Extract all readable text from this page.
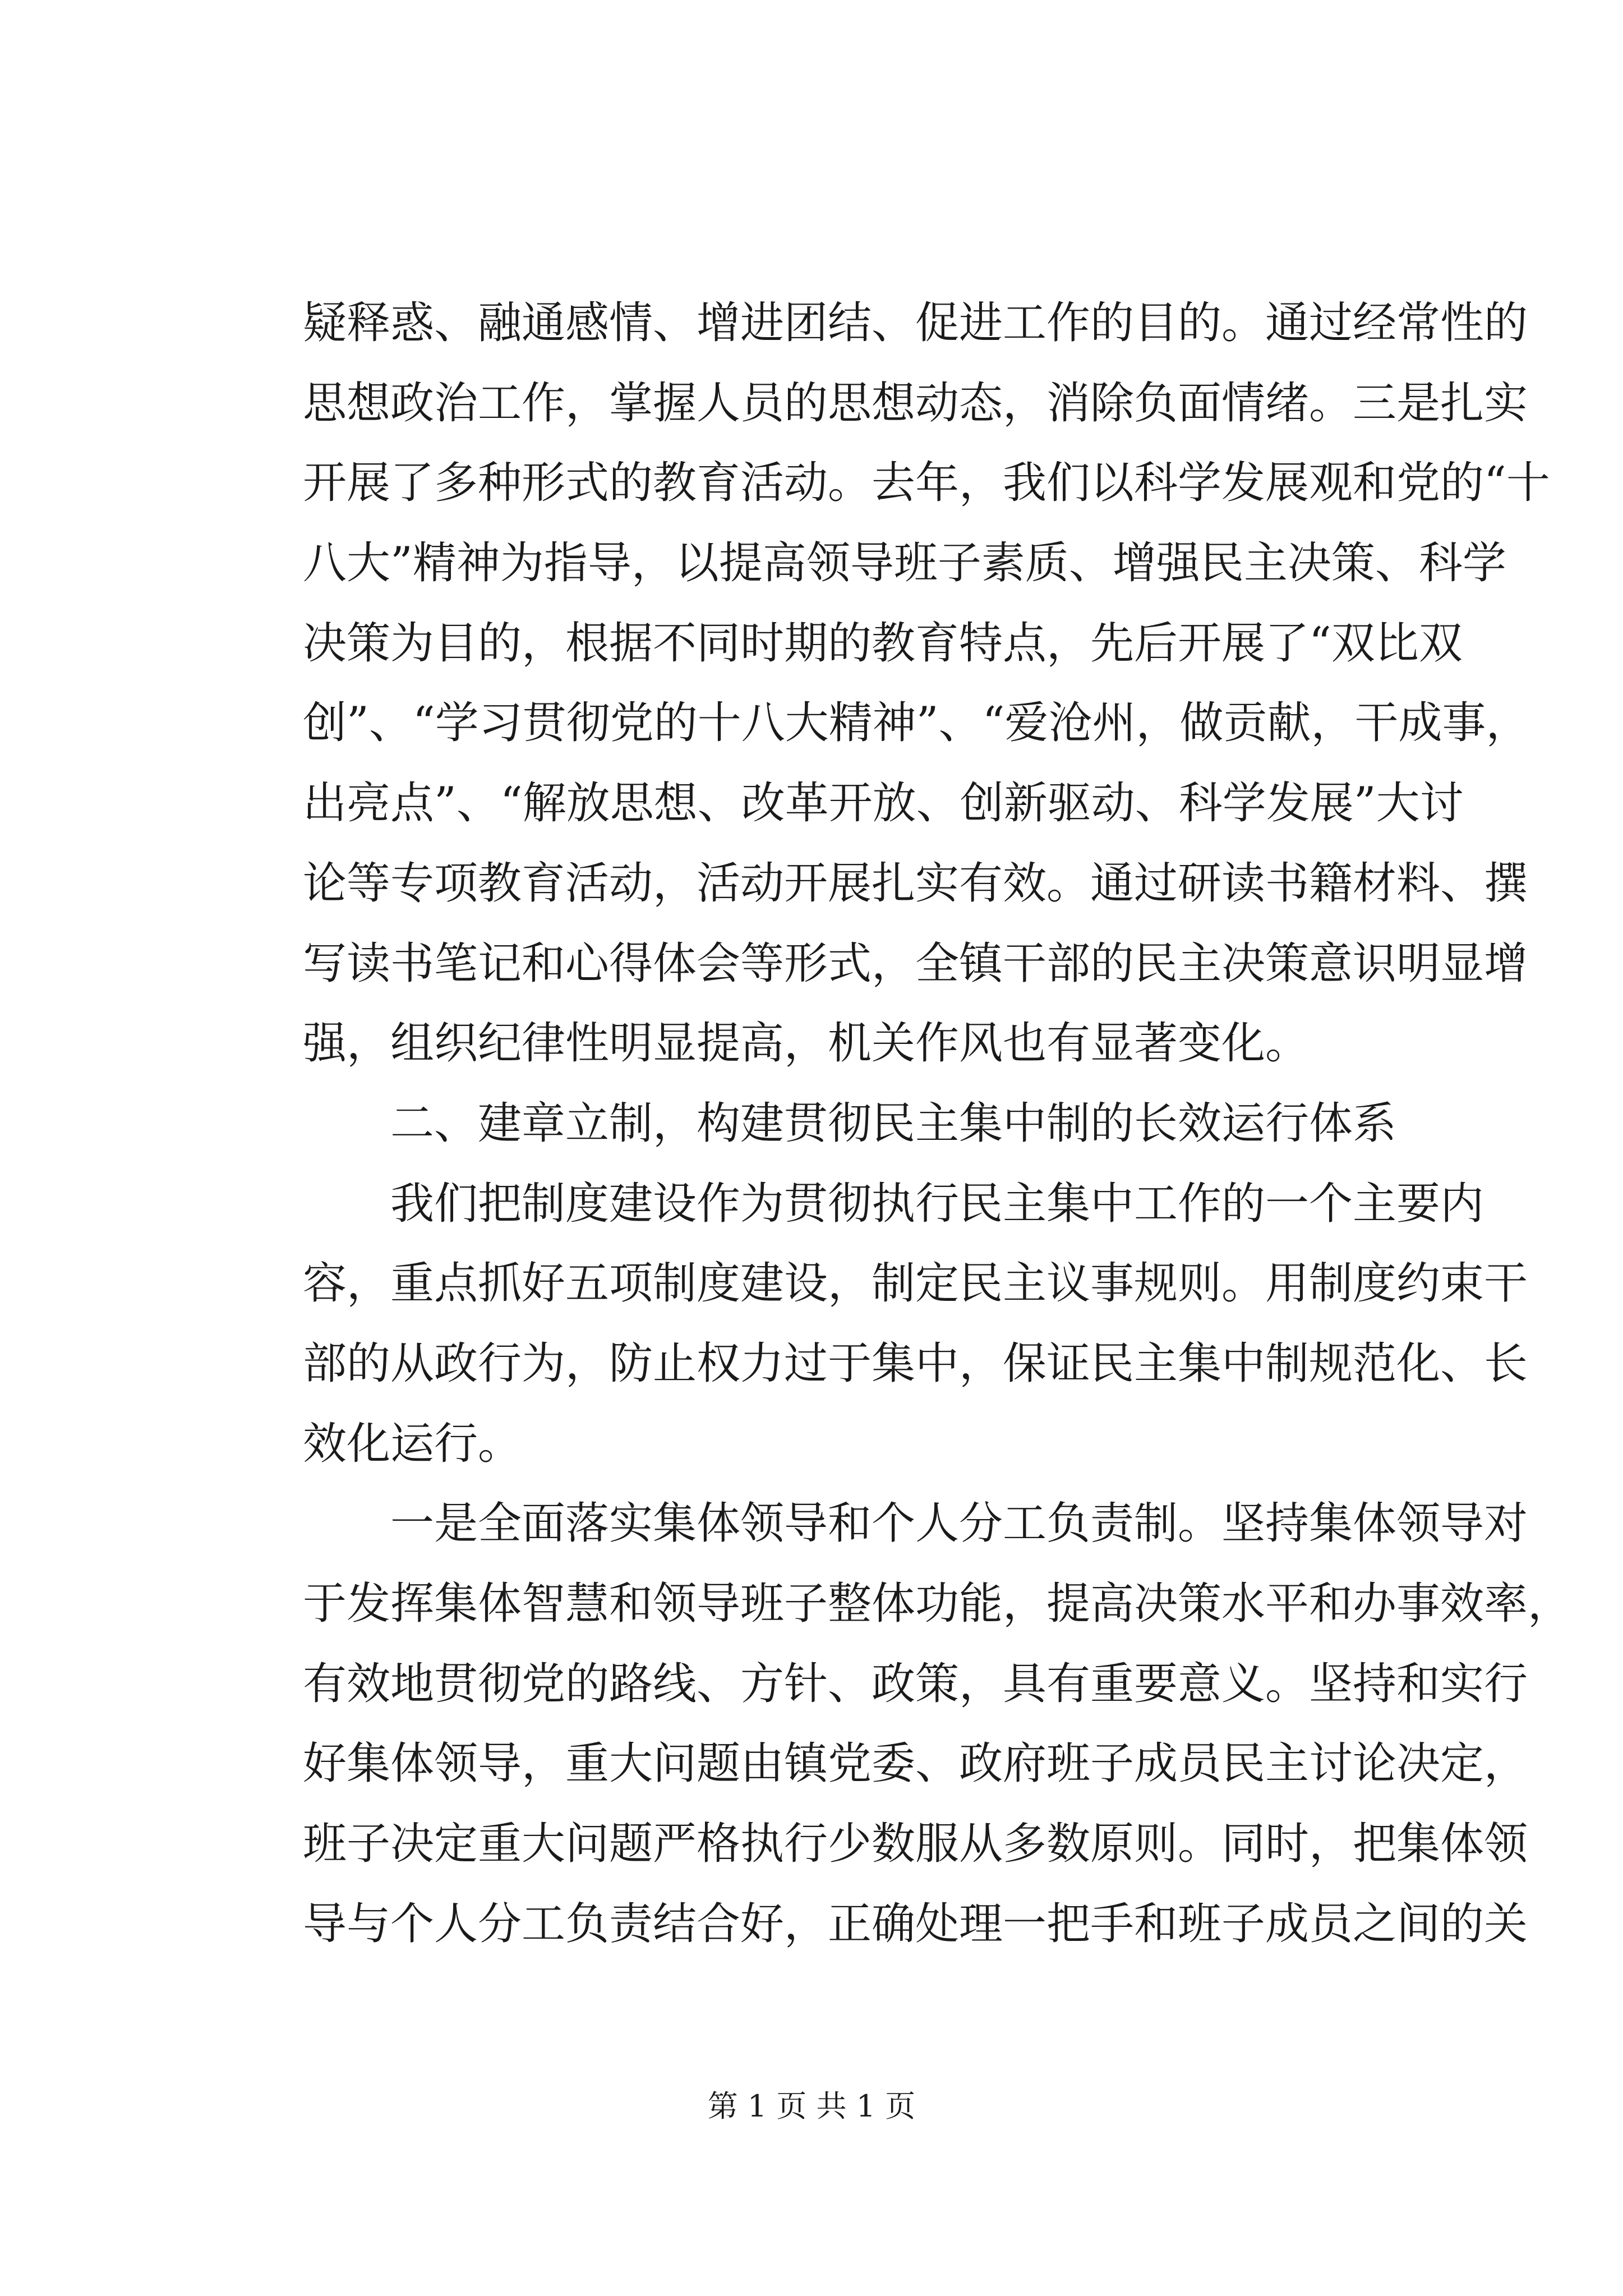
疑释惑、融通感情、增进团结、促进工作的目的。通过经常性的
思想政治工作，掌握人员的思想动态，消除负面情绪。三是扎实
开展了多种形式的教育活动。去年，我们以科学发展观和党的“十
八大”精神为指导，以提高领导班子素质、增强民主决策、科学
决策为目的，根据不同时期的教育特点，先后开展了“双比双
创”、“学习贯彻党的十八大精神”、“爱沧州，做贡献，干成事，
出亮点”、“解放思想、改革开放、创新驱动、科学发展”大讨
论等专项教育活动，活动开展扎实有效。通过研读书籍材料、撰
写读书笔记和心得体会等形式，全镇干部的民主决策意识明显增
强，组织纪律性明显提高，机关作风也有显著变化。
二、建章立制，构建贯彻民主集中制的长效运行体系
我们把制度建设作为贯彻执行民主集中工作的一个主要内
容，重点抓好五项制度建设，制定民主议事规则。用制度约束干
部的从政行为，防止权力过于集中，保证民主集中制规范化、长
效化运行。
一是全面落实集体领导和个人分工负责制。坚持集体领导对
于发挥集体智慧和领导班子整体功能，提高决策水平和办事效率，
有效地贯彻党的路线、方针、政策，具有重要意义。坚持和实行
好集体领导，重大问题由镇党委、政府班子成员民主讨论决定，
班子决定重大问题严格执行少数服从多数原则。同时，把集体领
导与个人分工负责结合好，正确处理一把手和班子成员之间的关
第 1 页 共 1 页
